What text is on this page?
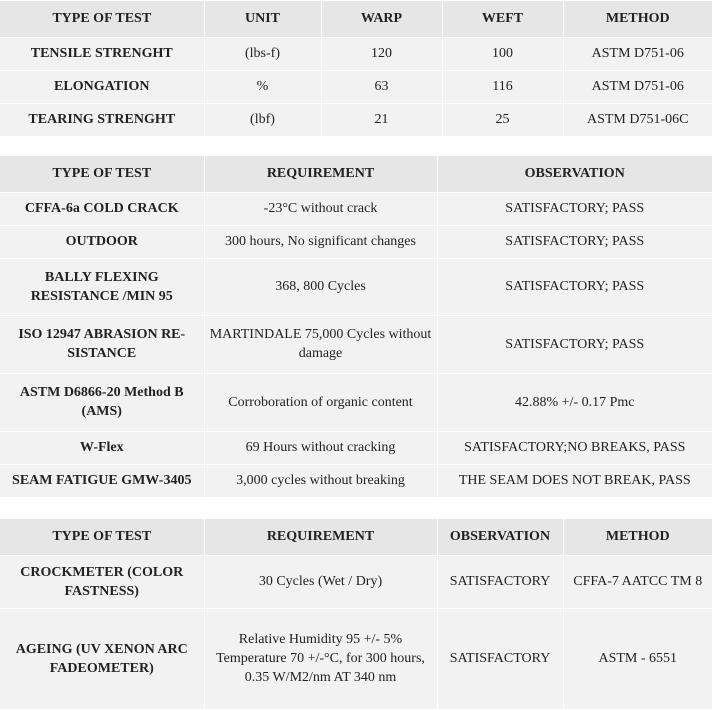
TYPE OF TEST	UNIT	WARP	WEFT	METHOD
TENSILE STRENGHT	(lbs-f)	120	100	ASTM D751-06
ELONGATION	%	63	116	ASTM D751-06
TEARING STRENGHT	(lbf)	21	25	ASTM D751-06C
TYPE OF TEST	REQUIREMENT	OBSERVATION
CFFA-6a COLD CRACK	-23°C without crack	SATISFACTORY; PASS
OUTDOOR	300 hours, No significant changes	SATISFACTORY; PASS
BALLY FLEXING RESISTANCE /MIN 95	368, 800 Cycles	SATISFACTORY; PASS
ISO 12947 ABRASION RE-SISTANCE	MARTINDALE 75,000 Cycles without damage	SATISFACTORY; PASS
ASTM D6866-20 Method B (AMS)	Corroboration of organic content	42.88% +/- 0.17 Pmc
W-Flex	69 Hours without cracking	SATISFACTORY;NO BREAKS, PASS
SEAM FATIGUE GMW-3405	3,000 cycles without breaking	THE SEAM DOES NOT BREAK, PASS
TYPE OF TEST	REQUIREMENT	OBSERVATION	METHOD
CROCKMETER (COLOR FASTNESS)	30 Cycles (Wet / Dry)	SATISFACTORY	CFFA-7 AATCC TM 8
AGEING (UV XENON ARC FADEOMETER)	Relative Humidity 95 +/- 5% Temperature 70 +/-°C, for 300 hours, 0.35 W/M2/nm AT 340 nm	SATISFACTORY	ASTM - 6551
